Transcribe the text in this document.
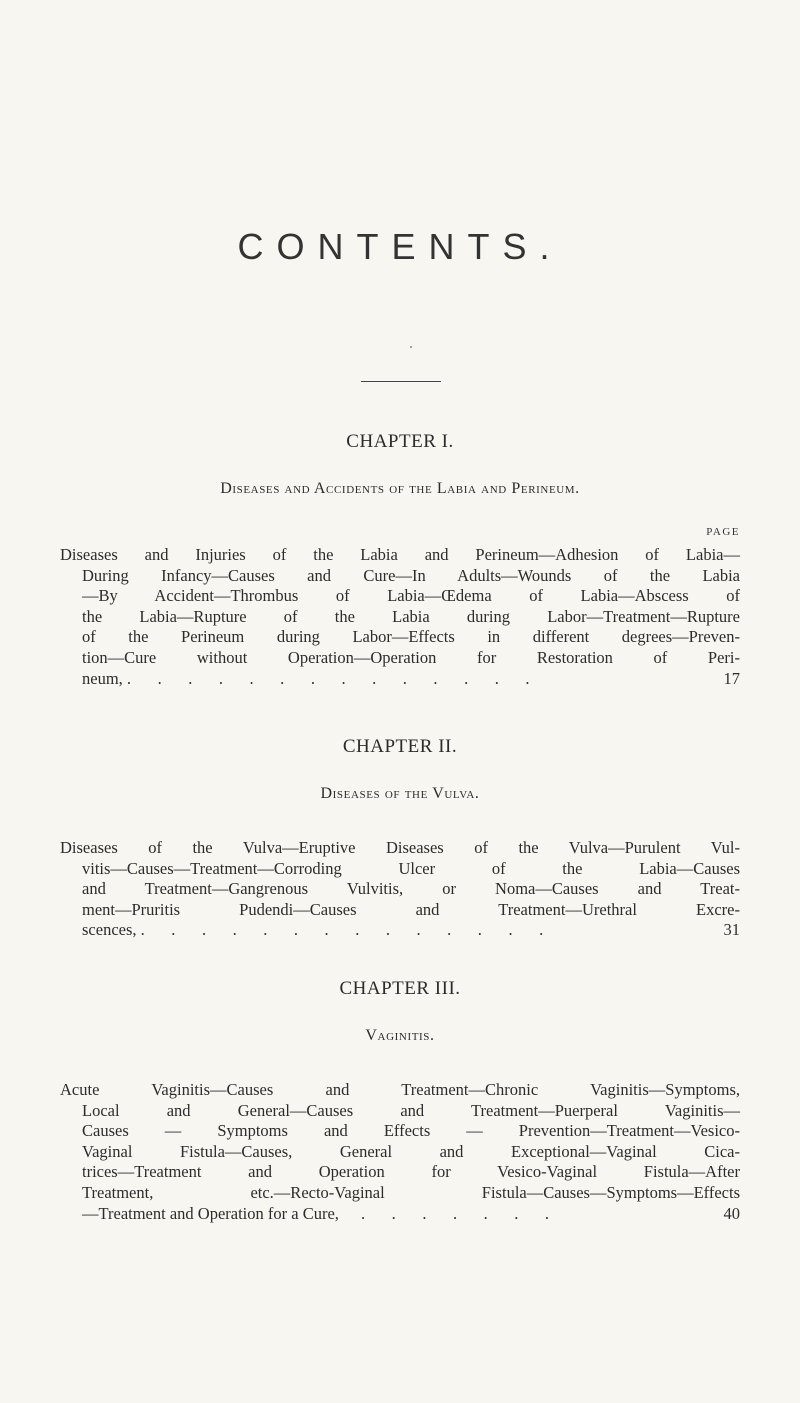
CONTENTS.
CHAPTER I.

Diseases and Accidents of the Labia and Perineum.

PAGE
Diseases and Injuries of the Labia and Perineum—Adhesion of Labia—
During Infancy—Causes and Cure—In Adults—Wounds of the Labia
—By Accident—Thrombus of Labia—Œdema of Labia—Abscess of
the Labia—Rupture of the Labia during Labor—Treatment—Rupture
of the Perineum during Labor—Effects in different degrees—Preven-
tion—Cure without Operation—Operation for Restoration of Peri-
neum, . . . . . . . . . . . . . .	17
CHAPTER II.

Diseases of the Vulva.

Diseases of the Vulva—Eruptive Diseases of the Vulva—Purulent Vul-
vitis—Causes—Treatment—Corroding Ulcer of the Labia—Causes
and Treatment—Gangrenous Vulvitis, or Noma—Causes and Treat-
ment—Pruritis Pudendi—Causes and Treatment—Urethral Excre-
scences, . . . . . . . . . . . . . .	31
CHAPTER III.

Vaginitis.

Acute Vaginitis—Causes and Treatment—Chronic Vaginitis—Symptoms,
Local and General—Causes and Treatment—Puerperal Vaginitis—
Causes — Symptoms and Effects — Prevention—Treatment—Vesico-
Vaginal Fistula—Causes, General and Exceptional—Vaginal Cica-
trices—Treatment and Operation for Vesico-Vaginal Fistula—After
Treatment, etc.—Recto-Vaginal Fistula—Causes—Symptoms—Effects
—Treatment and Operation for a Cure, . . . . . . .	40
